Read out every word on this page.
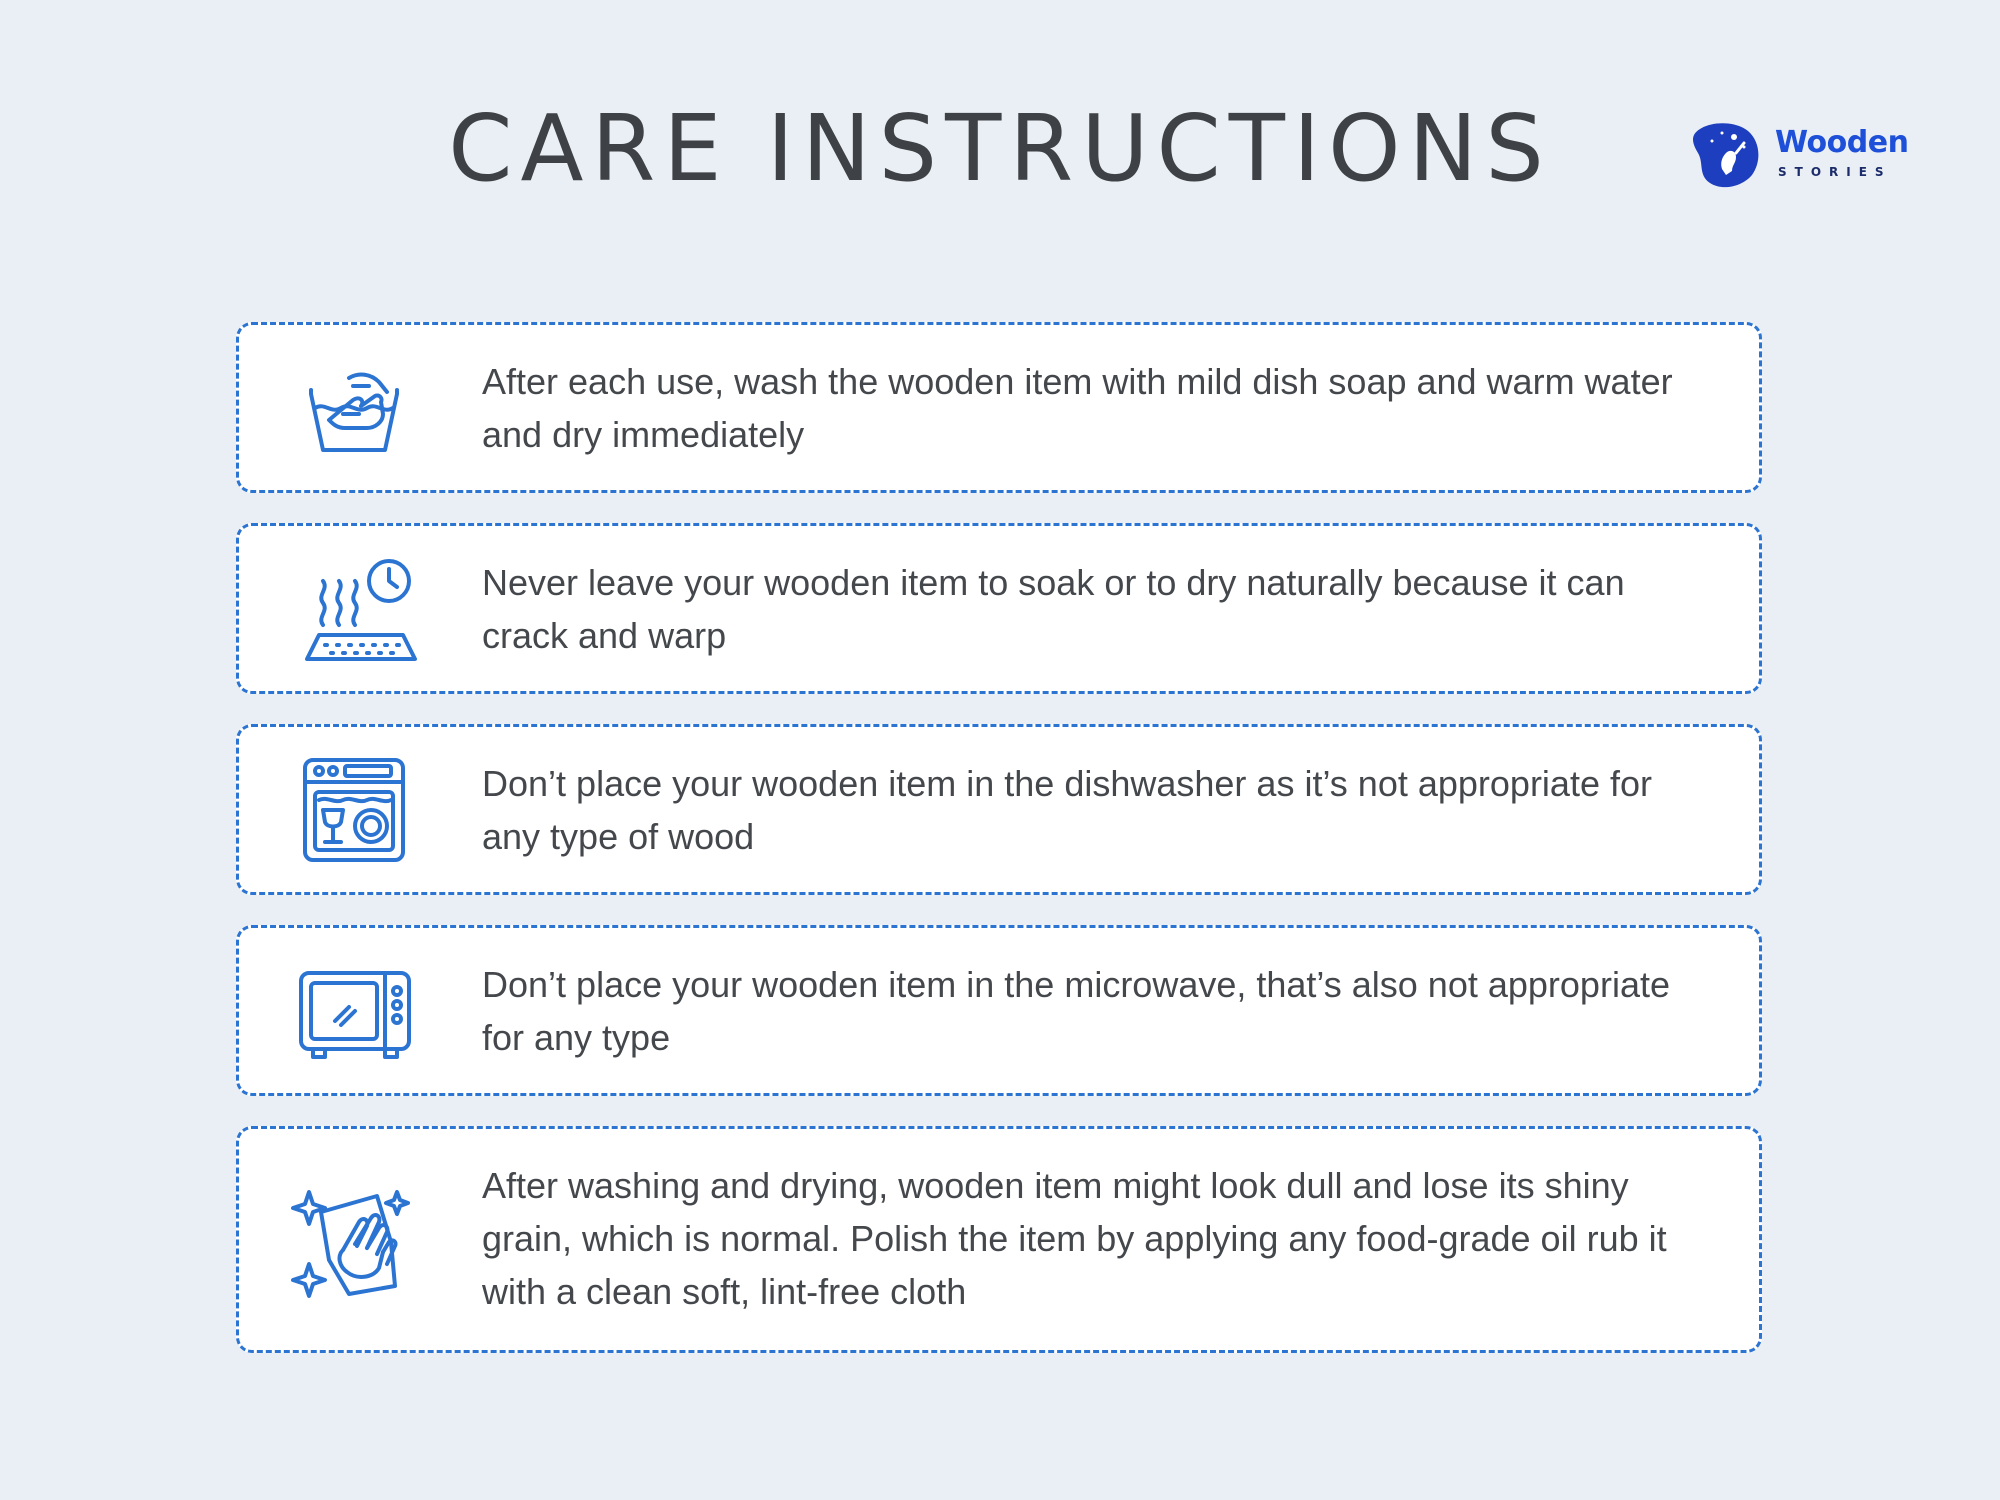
CARE INSTRUCTIONS	Wooden
STORIES
After each use, wash the wooden item with mild dish soap and warm water and dry immediately
Never leave your wooden item to soak or to dry naturally because it can crack and warp
Don’t place your wooden item in the dishwasher as it’s not appropriate for any type of wood
Don’t place your wooden item in the microwave, that’s also not appropriate for any type
After washing and drying, wooden item might look dull and lose its shiny grain, which is normal. Polish the item by applying any food-grade oil rub it with a clean soft, lint-free cloth
